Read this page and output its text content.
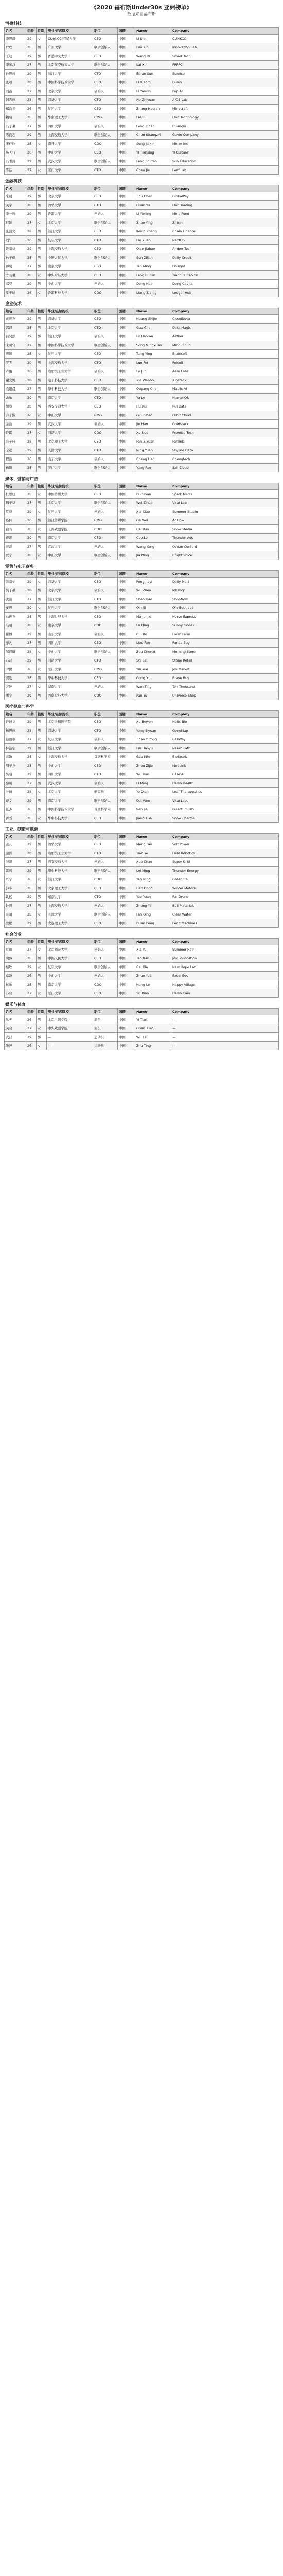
《2020 福布斯Under30s 亚洲榜单》
数据来自福布斯
消费科技
姓名	年龄	性别	毕业/在读院校	职位	国籍	Name	Company
李思琪	29	女	CUHKCC/清华大学	CEO	中国	Li Siqi	CUHKCC
罗欣	28	男	广州大学	联合创始人	中国	Luo Xin	Innovation Lab
王迪	29	男	香港中文大学	CEO	中国	Wang Di	Smart Tech
李星汉	27	男	北京航空航天大学	联合创始人	中国	Lai Xin	FPFFC
孙思远	29	男	浙江大学	CTO	中国	Ethan Sun	Sunrise
张迈	28	男	中国科学技术大学	CEO	中国	Li Xiaomi	Eurus
刘鑫	27	男	北京大学	创始人	中国	Li Yanxin	Pop AI
何志远	28	男	清华大学	CTO	中国	He Zhiyuan	AIOS Lab
郑浩然	26	男	复旦大学	CEO	中国	Zheng Haoran	Minecraft
赖瑞	28	男	华南理工大学	CMO	中国	Lai Rui	Lion Technology
冯子豪	27	男	四川大学	创始人	中国	Feng Zihao	Huanqiu
陈尚志	29	男	上海交通大学	联合创始人	中国	Chen Shangzhi	Gavin Company
宋佳欣	28	女	南开大学	COO	中国	Song Jiaxin	Mirror Inc
易天行	26	男	中山大学	CEO	中国	Yi Tianxing	Yi Culture
冯书涛	29	男	武汉大学	联合创始人	中国	Feng Shutao	Sun Education
陈洁	27	女	厦门大学	CTO	中国	Chen Jie	Leaf Lab
金融科技
姓名	年龄	性别	毕业/在读院校	职位	国籍	Name	Company
朱晨	29	男	北京大学	CEO	中国	Zhu Chen	GlobalPay
关宇	28	男	清华大学	CTO	中国	Guan Yu	Lion Trading
李一鸣	29	男	香港大学	创始人	中国	Li Yiming	Mine Fund
赵颖	27	女	北京大学	联合创始人	中国	Zhao Ying	Zhixin
张凯文	28	男	浙江大学	CEO	中国	Kevin Zhang	Chain Finance
刘轩	26	男	复旦大学	CTO	中国	Liu Xuan	NextFin
钱嘉豪	29	男	上海交通大学	CEO	中国	Qian Jiahao	Amber Tech
孙子健	28	男	中国人民大学	联合创始人	中国	Sun Zijian	Daily Credit
谭明	27	男	南京大学	CFO	中国	Tan Ming	Finsight
方若琳	28	女	中央财经大学	CEO	中国	Fang Ruolin	Tianhua Capital
邓昊	29	男	中山大学	创始人	中国	Deng Hao	Deng Capital
梁子晴	26	女	香港科技大学	COO	中国	Liang Ziqing	Ledger Hub
企业技术
姓名	年龄	性别	毕业/在读院校	职位	国籍	Name	Company
黄世杰	29	男	清华大学	CEO	中国	Huang Shijie	CloudNova
郭晨	28	男	北京大学	CTO	中国	Guo Chen	Data Magic
吕昊然	29	男	浙江大学	创始人	中国	Lv Haoran	Aether
宋明轩	27	男	中国科学技术大学	联合创始人	中国	Song Mingxuan	Mind Cloud
唐颖	28	女	复旦大学	CEO	中国	Tang Ying	Brainsoft
罗飞	29	男	上海交通大学	CTO	中国	Luo Fei	Feisoft
卢俊	26	男	哈尔滨工业大学	创始人	中国	Lu Jun	Aero Labs
谢文博	28	男	电子科技大学	CEO	中国	Xie Wenbo	Xinstack
欧阳晨	27	男	华中科技大学	联合创始人	中国	Ouyang Chen	Matrix AI
余乐	29	男	南京大学	CTO	中国	Yu Le	HumanOS
胡睿	28	男	西安交通大学	CEO	中国	Hu Rui	Rui Data
邱子涵	26	女	中山大学	CMO	中国	Qiu Zihan	Orbit Cloud
金浩	29	男	武汉大学	创始人	中国	Jin Hao	Goldstack
许诺	27	女	同济大学	COO	中国	Xu Nuo	Promise Tech
范子轩	28	男	北京理工大学	CEO	中国	Fan Zixuan	Fanlink
宁远	29	男	天津大学	CTO	中国	Ning Yuan	Skyline Data
程浩	26	男	山东大学	创始人	中国	Cheng Hao	Chengtech
杨帆	28	男	厦门大学	联合创始人	中国	Yang Fan	Sail Cloud
媒体、营销与广告
姓名	年龄	性别	毕业/在读院校	职位	国籍	Name	Company
杜思妍	28	女	中国传媒大学	CEO	中国	Du Siyan	Spark Media
魏子豪	27	男	北京大学	联合创始人	中国	Wei Zihao	Viral Lab
夏晓	29	女	复旦大学	创始人	中国	Xia Xiao	Summer Studio
葛伟	26	男	浙江传媒学院	CMO	中国	Ge Wei	AdFlow
白若	28	女	上海戏剧学院	COO	中国	Bai Ruo	Snow Media
曹磊	29	男	南京大学	CEO	中国	Cao Lei	Thunder Ads
汪洋	27	男	武汉大学	创始人	中国	Wang Yang	Ocean Content
贾宁	28	女	中山大学	联合创始人	中国	Jia Ning	Bright Voice
零售与电子商务
姓名	年龄	性别	毕业/在读院校	职位	国籍	Name	Company
彭嘉怡	29	女	清华大学	CEO	中国	Peng Jiayi	Daily Mart
吴子墨	28	男	北京大学	创始人	中国	Wu Zimo	Inkshop
沈浩	27	男	浙江大学	CTO	中国	Shen Hao	ShopNow
秦思	29	女	复旦大学	联合创始人	中国	Qin Si	Qin Boutique
马俊杰	26	男	上海财经大学	CEO	中国	Ma Junjie	Horse Express
陆晴	28	女	南京大学	COO	中国	Lu Qing	Sunny Goods
崔博	29	男	山东大学	创始人	中国	Cui Bo	Fresh Farm
廖凡	27	男	四川大学	CEO	中国	Liao Fan	Panda Buy
邹晨曦	28	女	中山大学	联合创始人	中国	Zou Chenxi	Morning Store
石磊	29	男	同济大学	CTO	中国	Shi Lei	Stone Retail
尹悦	26	女	厦门大学	CMO	中国	Yin Yue	Joy Market
龚勋	28	男	华中科技大学	CEO	中国	Gong Xun	Brave Buy
万婷	27	女	湖南大学	创始人	中国	Wan Ting	Ten Thousand
潘宇	29	男	西南财经大学	COO	中国	Pan Yu	Universe Shop
医疗健康与科学
姓名	年龄	性别	毕业/在读院校	职位	国籍	Name	Company
许博文	29	男	北京协和医学院	CEO	中国	Xu Bowen	Helix Bio
杨思远	28	男	清华大学	CTO	中国	Yang Siyuan	GeneMap
赵雨桐	27	女	复旦大学	创始人	中国	Zhao Yutong	CellWay
林浩宇	29	男	浙江大学	联合创始人	中国	Lin Haoyu	Neuro Path
高敏	26	女	上海交通大学	首席科学家	中国	Gao Min	BioSpark
周子杰	28	男	中山大学	CEO	中国	Zhou Zijie	MedLink
吴晗	29	男	四川大学	CTO	中国	Wu Han	Care AI
黎明	27	男	武汉大学	创始人	中国	Li Ming	Dawn Health
叶倩	28	女	北京大学	研究员	中国	Ye Qian	Leaf Therapeutics
戴文	29	男	南京大学	联合创始人	中国	Dai Wen	Vital Labs
任杰	26	男	中国科学技术大学	首席科学家	中国	Ren Jie	Quantum Bio
蒋雪	28	女	华中科技大学	CEO	中国	Jiang Xue	Snow Pharma
工业、制造与能源
姓名	年龄	性别	毕业/在读院校	职位	国籍	Name	Company
孟凡	29	男	清华大学	CEO	中国	Meng Fan	Volt Power
田野	28	男	哈尔滨工业大学	CTO	中国	Tian Ye	Field Robotics
薛超	27	男	西安交通大学	创始人	中国	Xue Chao	Super Grid
雷鸣	29	男	华中科技大学	联合创始人	中国	Lei Ming	Thunder Energy
严宁	26	女	浙江大学	COO	中国	Yan Ning	Green Cell
韩冬	28	男	北京理工大学	CEO	中国	Han Dong	Winter Motors
姚远	29	男	东南大学	CTO	中国	Yao Yuan	Far Drone
钟毅	27	男	上海交通大学	创始人	中国	Zhong Yi	Bell Materials
范晴	28	女	天津大学	联合创始人	中国	Fan Qing	Clear Water
段鹏	29	男	大连理工大学	CEO	中国	Duan Peng	Peng Machines
社会创业
姓名	年龄	性别	毕业/在读院校	职位	国籍	Name	Company
夏雨	27	女	北京师范大学	创始人	中国	Xia Yu	Summer Rain
陶然	28	男	中国人民大学	CEO	中国	Tao Ran	Joy Foundation
蔡欣	29	女	复旦大学	联合创始人	中国	Cai Xin	New Hope Lab
卓越	26	男	中山大学	创始人	中国	Zhuo Yue	Excel Edu
杭乐	28	男	南京大学	COO	中国	Hang Le	Happy Village
苏晓	27	女	厦门大学	CEO	中国	Su Xiao	Dawn Care
娱乐与体育
姓名	年龄	性别	毕业/在读院校	职位	国籍	Name	Company
易天	26	男	北京电影学院	演员	中国	Yi Tian	—
关晓	27	女	中央戏剧学院	演员	中国	Guan Xiao	—
武磊	29	男	—	运动员	中国	Wu Lei	—
朱婷	26	女	—	运动员	中国	Zhu Ting	—
